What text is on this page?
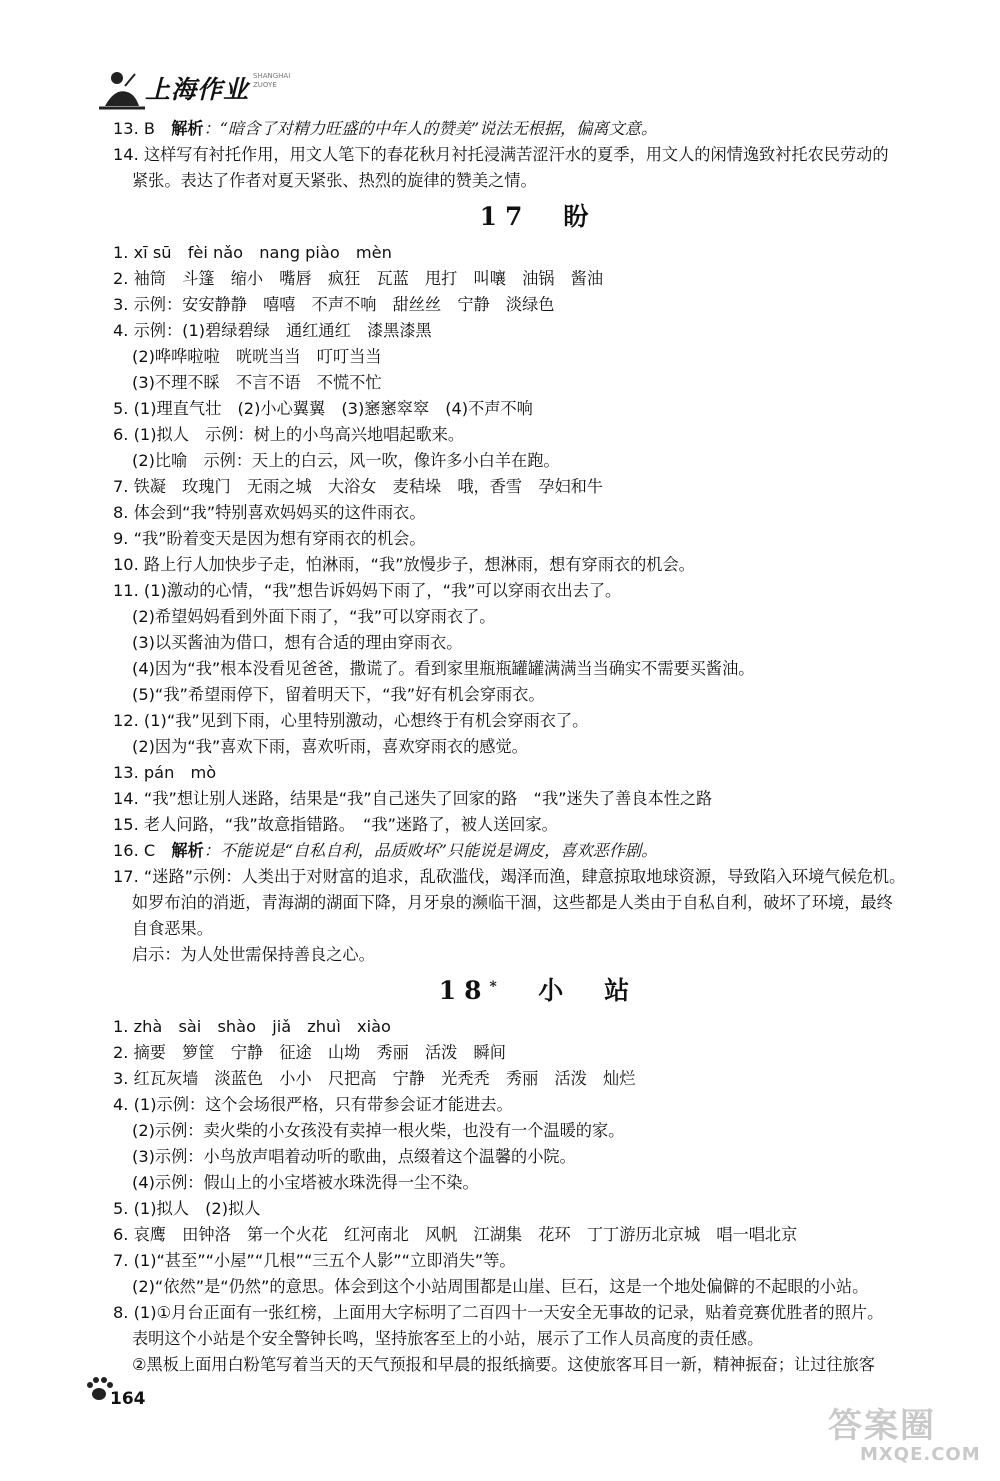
上海作业 SHANGHAI
ZUOYE
13. B　解析：“暗含了对精力旺盛的中年人的赞美”说法无根据，偏离文意。
14. 这样写有衬托作用，用文人笔下的春花秋月衬托浸满苦涩汗水的夏季，用文人的闲情逸致衬托农民劳动的
紧张。表达了作者对夏天紧张、热烈的旋律的赞美之情。
17　盼
1. xī sū　fèi nǎo　nang piào　mèn
2. 袖筒　斗篷　缩小　嘴唇　疯狂　瓦蓝　甩打　叫嚷　油锅　酱油
3. 示例：安安静静　嘻嘻　不声不响　甜丝丝　宁静　淡绿色
4. 示例：(1)碧绿碧绿　通红通红　漆黑漆黑
(2)哗哗啦啦　咣咣当当　叮叮当当
(3)不理不睬　不言不语　不慌不忙
5. (1)理直气壮　(2)小心翼翼　(3)窸窸窣窣　(4)不声不响
6. (1)拟人　示例：树上的小鸟高兴地唱起歌来。
(2)比喻　示例：天上的白云，风一吹，像许多小白羊在跑。
7. 铁凝　玫瑰门　无雨之城　大浴女　麦秸垛　哦，香雪　孕妇和牛
8. 体会到“我”特别喜欢妈妈买的这件雨衣。
9. “我”盼着变天是因为想有穿雨衣的机会。
10. 路上行人加快步子走，怕淋雨，“我”放慢步子，想淋雨，想有穿雨衣的机会。
11. (1)激动的心情，“我”想告诉妈妈下雨了，“我”可以穿雨衣出去了。
(2)希望妈妈看到外面下雨了，“我”可以穿雨衣了。
(3)以买酱油为借口，想有合适的理由穿雨衣。
(4)因为“我”根本没看见爸爸，撒谎了。看到家里瓶瓶罐罐满满当当确实不需要买酱油。
(5)“我”希望雨停下，留着明天下，“我”好有机会穿雨衣。
12. (1)“我”见到下雨，心里特别激动，心想终于有机会穿雨衣了。
(2)因为“我”喜欢下雨，喜欢听雨，喜欢穿雨衣的感觉。
13. pán　mò
14. “我”想让别人迷路，结果是“我”自己迷失了回家的路　“我”迷失了善良本性之路
15. 老人问路，“我”故意指错路。　“我”迷路了，被人送回家。
16. C　解析：不能说是“自私自利，品质败坏”只能说是调皮，喜欢恶作剧。
17. “迷路”示例：人类出于对财富的追求，乱砍滥伐，竭泽而渔，肆意掠取地球资源，导致陷入环境气候危机。
如罗布泊的消逝，青海湖的湖面下降，月牙泉的濒临干涸，这些都是人类由于自私自利，破坏了环境，最终
自食恶果。
启示：为人处世需保持善良之心。
18* 小　站
1. zhà　sài　shào　jiǎ　zhuì　xiào
2. 摘要　箩筐　宁静　征途　山坳　秀丽　活泼　瞬间
3. 红瓦灰墙　淡蓝色　小小　尺把高　宁静　光秃秃　秀丽　活泼　灿烂
4. (1)示例：这个会场很严格，只有带参会证才能进去。
(2)示例：卖火柴的小女孩没有卖掉一根火柴，也没有一个温暖的家。
(3)示例：小鸟放声唱着动听的歌曲，点缀着这个温馨的小院。
(4)示例：假山上的小宝塔被水珠洗得一尘不染。
5. (1)拟人　(2)拟人
6. 哀鹰　田钟洛　第一个火花　红河南北　风帆　江湖集　花环　丁丁游历北京城　唱一唱北京
7. (1)“甚至”“小屋”“几根”“三五个人影”“立即消失”等。
(2)“依然”是“仍然”的意思。体会到这个小站周围都是山崖、巨石，这是一个地处偏僻的不起眼的小站。
8. (1)①月台正面有一张红榜，上面用大字标明了二百四十一天安全无事故的记录，贴着竞赛优胜者的照片。
表明这个小站是个安全警钟长鸣，坚持旅客至上的小站，展示了工作人员高度的责任感。
②黑板上面用白粉笔写着当天的天气预报和早晨的报纸摘要。这使旅客耳目一新，精神振奋；让过往旅客
164
答案圈
MXQE.COM
